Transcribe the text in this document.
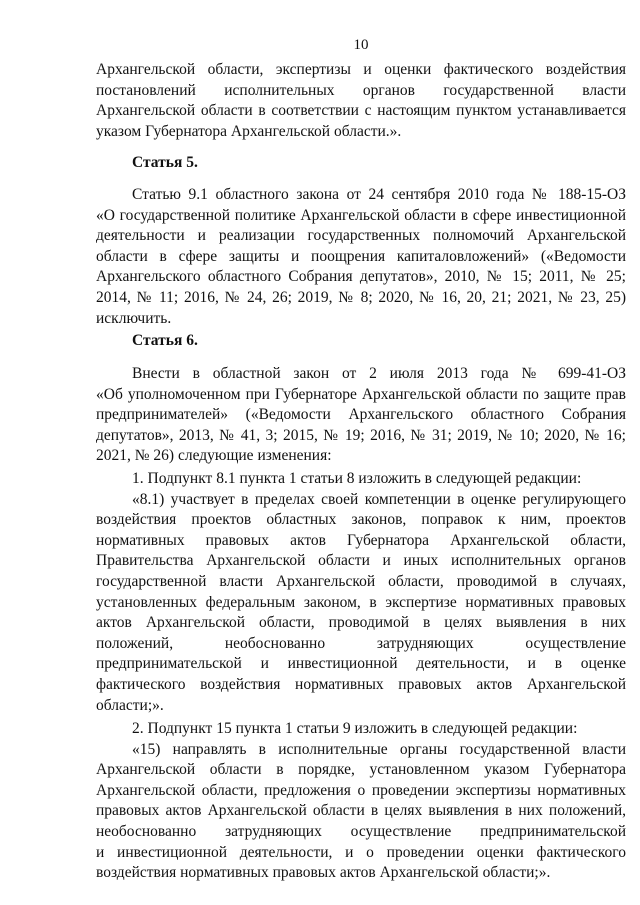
10
Архангельской области, экспертизы и оценки фактического воздействия
постановлений исполнительных органов государственной власти
Архангельской области в соответствии с настоящим пунктом устанавливается
указом Губернатора Архангельской области.».
Статья 5.
Статью 9.1 областного закона от 24 сентября 2010 года № 188-15-ОЗ
«О государственной политике Архангельской области в сфере инвестиционной
деятельности и реализации государственных полномочий Архангельской
области в сфере защиты и поощрения капиталовложений» («Ведомости
Архангельского областного Собрания депутатов», 2010, № 15; 2011, № 25;
2014, № 11; 2016, № 24, 26; 2019, № 8; 2020, № 16, 20, 21; 2021, № 23, 25)
исключить.
Статья 6.
Внести в областной закон от 2 июля 2013 года № 699-41-ОЗ
«Об уполномоченном при Губернаторе Архангельской области по защите прав
предпринимателей» («Ведомости Архангельского областного Собрания
депутатов», 2013, № 41, 3; 2015, № 19; 2016, № 31; 2019, № 10; 2020, № 16;
2021, № 26) следующие изменения:
1. Подпункт 8.1 пункта 1 статьи 8 изложить в следующей редакции:
«8.1) участвует в пределах своей компетенции в оценке регулирующего
воздействия проектов областных законов, поправок к ним, проектов
нормативных правовых актов Губернатора Архангельской области,
Правительства Архангельской области и иных исполнительных органов
государственной власти Архангельской области, проводимой в случаях,
установленных федеральным законом, в экспертизе нормативных правовых
актов Архангельской области, проводимой в целях выявления в них
положений, необоснованно затрудняющих осуществление
предпринимательской и инвестиционной деятельности, и в оценке
фактического воздействия нормативных правовых актов Архангельской
области;».
2. Подпункт 15 пункта 1 статьи 9 изложить в следующей редакции:
«15) направлять в исполнительные органы государственной власти
Архангельской области в порядке, установленном указом Губернатора
Архангельской области, предложения о проведении экспертизы нормативных
правовых актов Архангельской области в целях выявления в них положений,
необоснованно затрудняющих осуществление предпринимательской
и инвестиционной деятельности, и о проведении оценки фактического
воздействия нормативных правовых актов Архангельской области;».
